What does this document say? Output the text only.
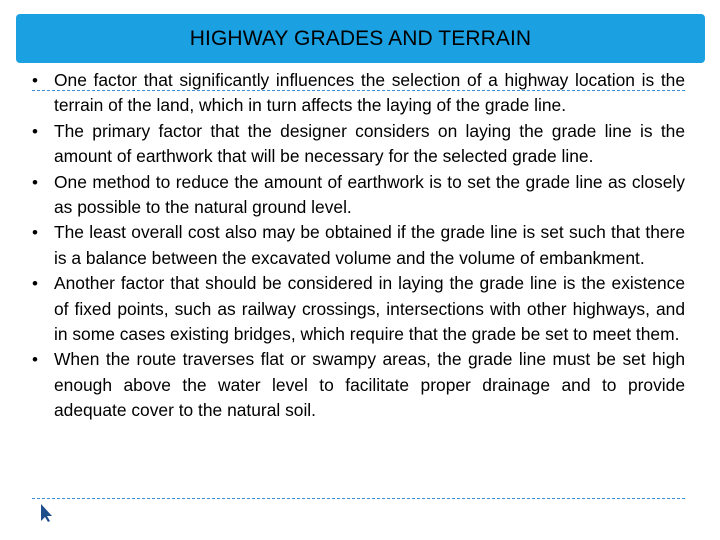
HIGHWAY GRADES AND TERRAIN
• One factor that significantly influences the selection of a highway location is the terrain of the land, which in turn affects the laying of the grade line.
• The primary factor that the designer considers on laying the grade line is the amount of earthwork that will be necessary for the selected grade line.
• One method to reduce the amount of earthwork is to set the grade line as closely as possible to the natural ground level.
• The least overall cost also may be obtained if the grade line is set such that there is a balance between the excavated volume and the volume of embankment.
• Another factor that should be considered in laying the grade line is the existence of fixed points, such as railway crossings, intersections with other highways, and in some cases existing bridges, which require that the grade be set to meet them.
• When the route traverses flat or swampy areas, the grade line must be set high enough above the water level to facilitate proper drainage and to provide adequate cover to the natural soil.
